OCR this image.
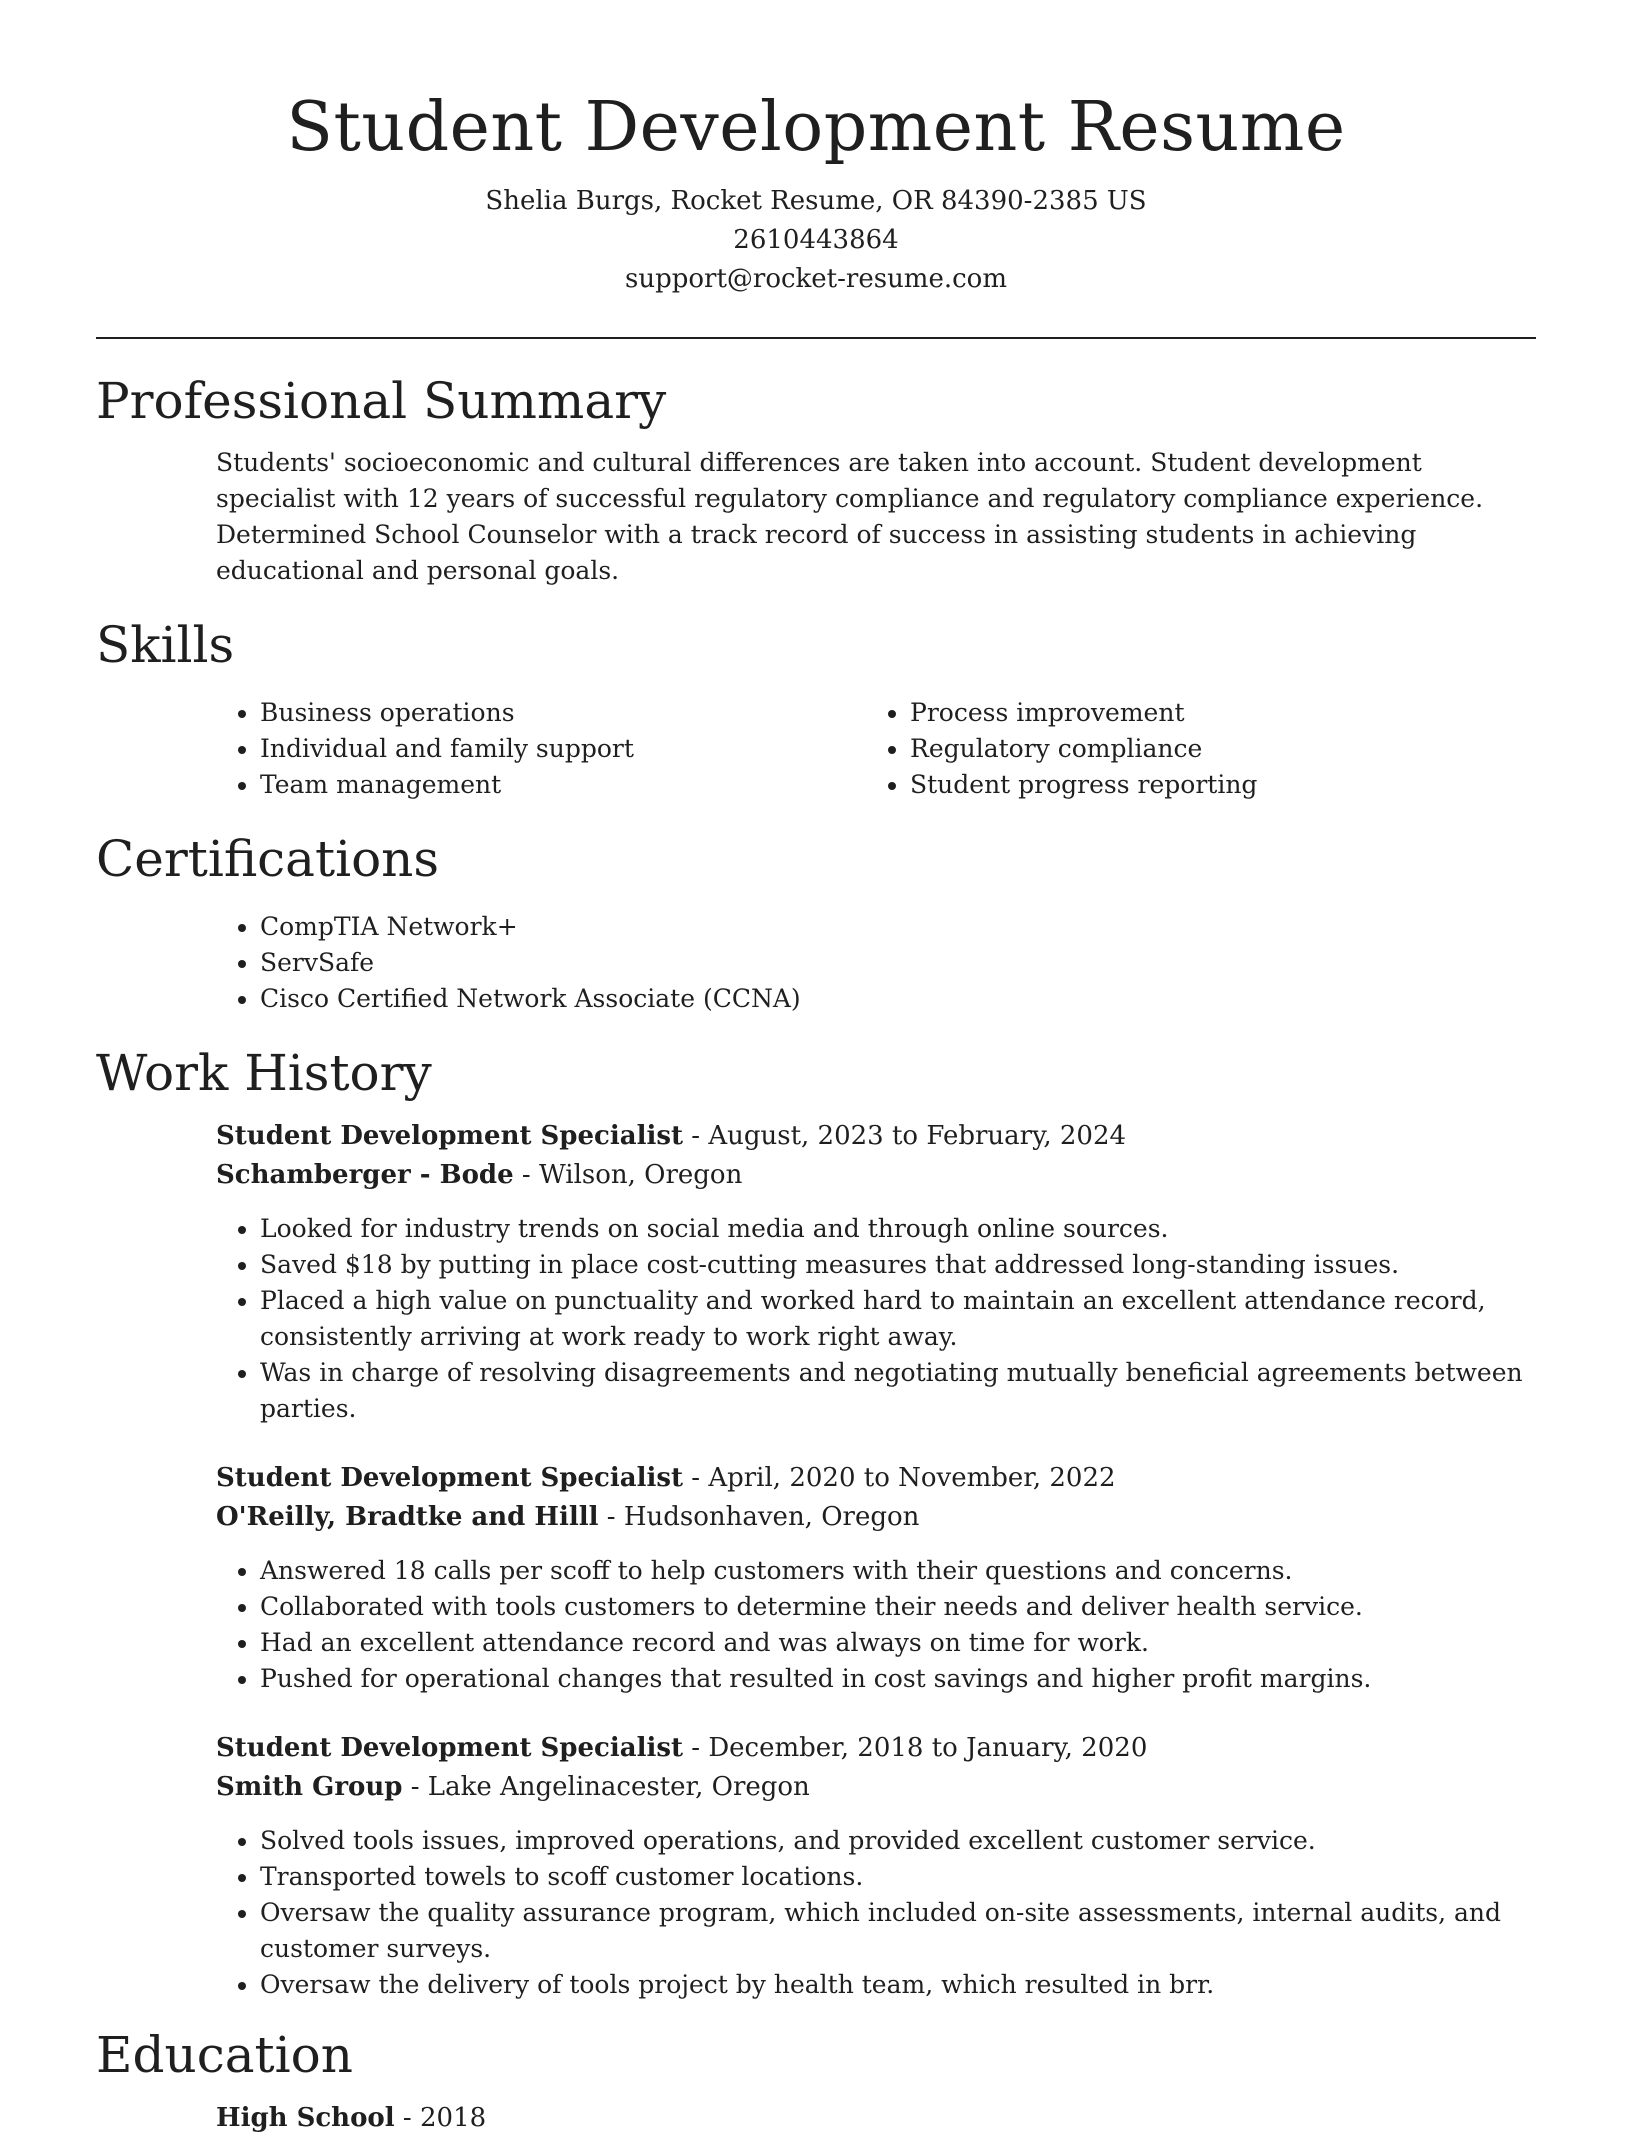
Student Development Resume

Shelia Burgs, Rocket Resume, OR 84390-2385 US

2610443864

support@rocket-resume.com

Professional Summary

Students' socioeconomic and cultural differences are taken into account. Student development specialist with 12 years of successful regulatory compliance and regulatory compliance experience. Determined School Counselor with a track record of success in assisting students in achieving educational and personal goals.

Skills
• Business operations
• Individual and family support
• Team management
• Process improvement
• Regulatory compliance
• Student progress reporting
Certifications
• CompTIA Network+
• ServSafe
• Cisco Certified Network Associate (CCNA)
Work History

Student Development Specialist - August, 2023 to February, 2024

Schamberger - Bode - Wilson, Oregon

• Looked for industry trends on social media and through online sources.
• Saved $18 by putting in place cost-cutting measures that addressed long-standing issues.
• Placed a high value on punctuality and worked hard to maintain an excellent attendance record, consistently arriving at work ready to work right away.
• Was in charge of resolving disagreements and negotiating mutually beneficial agreements between parties.

Student Development Specialist - April, 2020 to November, 2022

O'Reilly, Bradtke and Hilll - Hudsonhaven, Oregon

• Answered 18 calls per scoff to help customers with their questions and concerns.
• Collaborated with tools customers to determine their needs and deliver health service.
• Had an excellent attendance record and was always on time for work.
• Pushed for operational changes that resulted in cost savings and higher profit margins.

Student Development Specialist - December, 2018 to January, 2020

Smith Group - Lake Angelinacester, Oregon

• Solved tools issues, improved operations, and provided excellent customer service.
• Transported towels to scoff customer locations.
• Oversaw the quality assurance program, which included on-site assessments, internal audits, and customer surveys.
• Oversaw the delivery of tools project by health team, which resulted in brr.
Education

High School - 2018
